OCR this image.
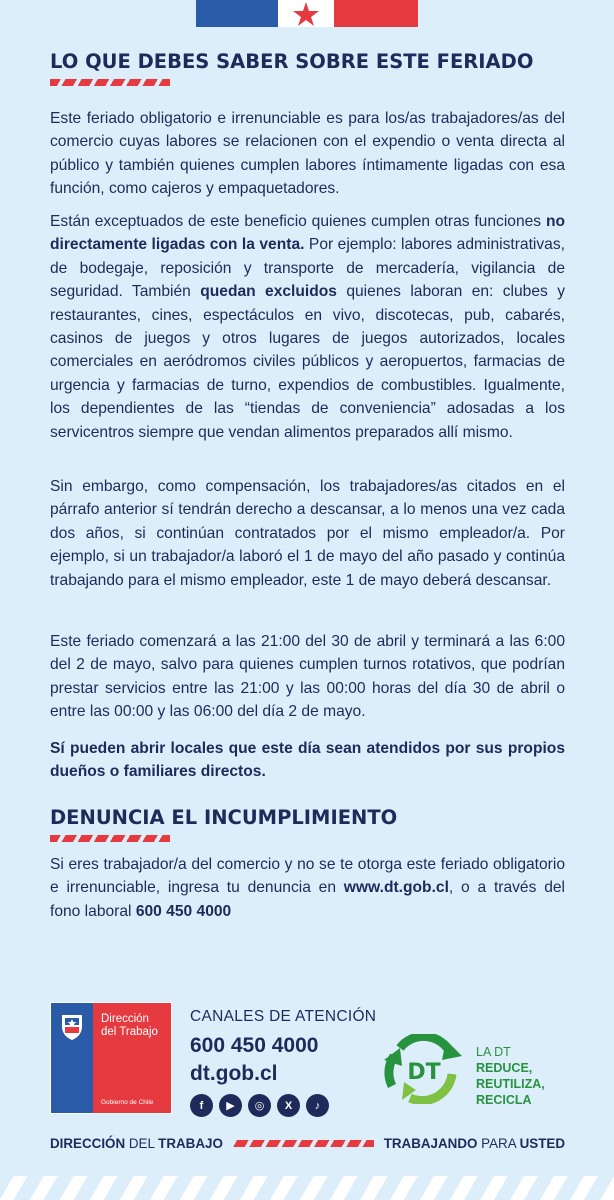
LO QUE DEBES SABER SOBRE ESTE FERIADO

Este feriado obligatorio e irrenunciable es para los/as trabajadores/as del comercio cuyas labores se relacionen con el expendio o venta directa al público y también quienes cumplen labores íntimamente ligadas con esa función, como cajeros y empaquetadores.

Están exceptuados de este beneficio quienes cumplen otras funciones no directamente ligadas con la venta. Por ejemplo: labores administrativas, de bodegaje, reposición y transporte de mercadería, vigilancia de seguridad. También quedan excluidos quienes laboran en: clubes y restaurantes, cines, espectáculos en vivo, discotecas, pub, cabarés, casinos de juegos y otros lugares de juegos autorizados, locales comerciales en aeródromos civiles públicos y aeropuertos, farmacias de urgencia y farmacias de turno, expendios de combustibles. Igualmente, los dependientes de las “tiendas de conveniencia” adosadas a los servicentros siempre que vendan alimentos preparados allí mismo.

Sin embargo, como compensación, los trabajadores/as citados en el párrafo anterior sí tendrán derecho a descansar, a lo menos una vez cada dos años, si continúan contratados por el mismo empleador/a. Por ejemplo, si un trabajador/a laboró el 1 de mayo del año pasado y continúa trabajando para el mismo empleador, este 1 de mayo deberá descansar.

Este feriado comenzará a las 21:00 del 30 de abril y terminará a las 6:00 del 2 de mayo, salvo para quienes cumplen turnos rotativos, que podrían prestar servicios entre las 21:00 y las 00:00 horas del día 30 de abril o entre las 00:00 y las 06:00 del día 2 de mayo.

Sí pueden abrir locales que este día sean atendidos por sus propios dueños o familiares directos.

DENUNCIA EL INCUMPLIMIENTO

Si eres trabajador/a del comercio y no se te otorga este feriado obligatorio e irrenunciable, ingresa tu denuncia en www.dt.gob.cl, o a través del fono laboral 600 450 4000

Dirección
del Trabajo
Gobierno de Chile
CANALES DE ATENCIÓN
600 450 4000
dt.gob.cl
f	▶	◎	X	♪
DT
LA DT
REDUCE,
REUTILIZA,
RECICLA
DIRECCIÓN DEL TRABAJO	TRABAJANDO PARA USTED
